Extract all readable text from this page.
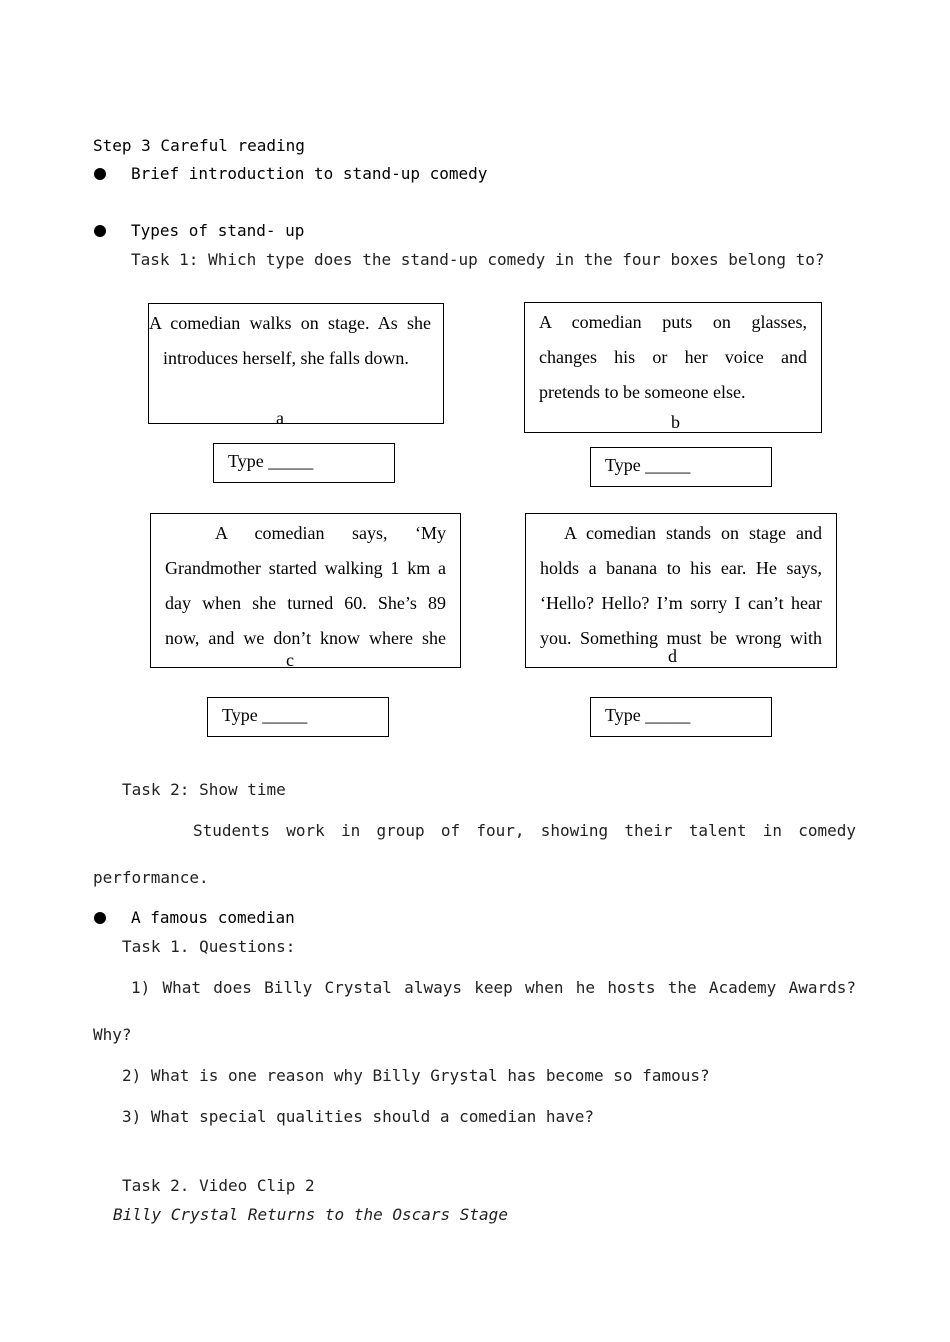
Step 3 Careful reading
Brief introduction to stand-up comedy
Types of stand- up
Task 1: Which type does the stand-up comedy in the four boxes belong to?

A comedian walks on stage. As she

introduces herself, she falls down.

a

A comedian puts on glasses,

changes his or her voice and

pretends to be someone else.

b
Type _____	Type _____

A comedian says, ‘My

Grandmother started walking 1 km a

day when she turned 60. She’s 89

now, and we don’t know where she

c

A comedian stands on stage and

holds a banana to his ear. He says,

‘Hello? Hello? I’m sorry I can’t hear

you. Something must be wrong with

d
Type _____	Type _____
Task 2: Show time
Students work in group of four, showing their talent in comedy
performance.
A famous comedian
Task 1. Questions:
1) What does Billy Crystal always keep when he hosts the Academy Awards?
Why?
2) What is one reason why Billy Grystal has become so famous?
3) What special qualities should a comedian have?
Task 2. Video Clip 2
Billy Crystal Returns to the Oscars Stage
